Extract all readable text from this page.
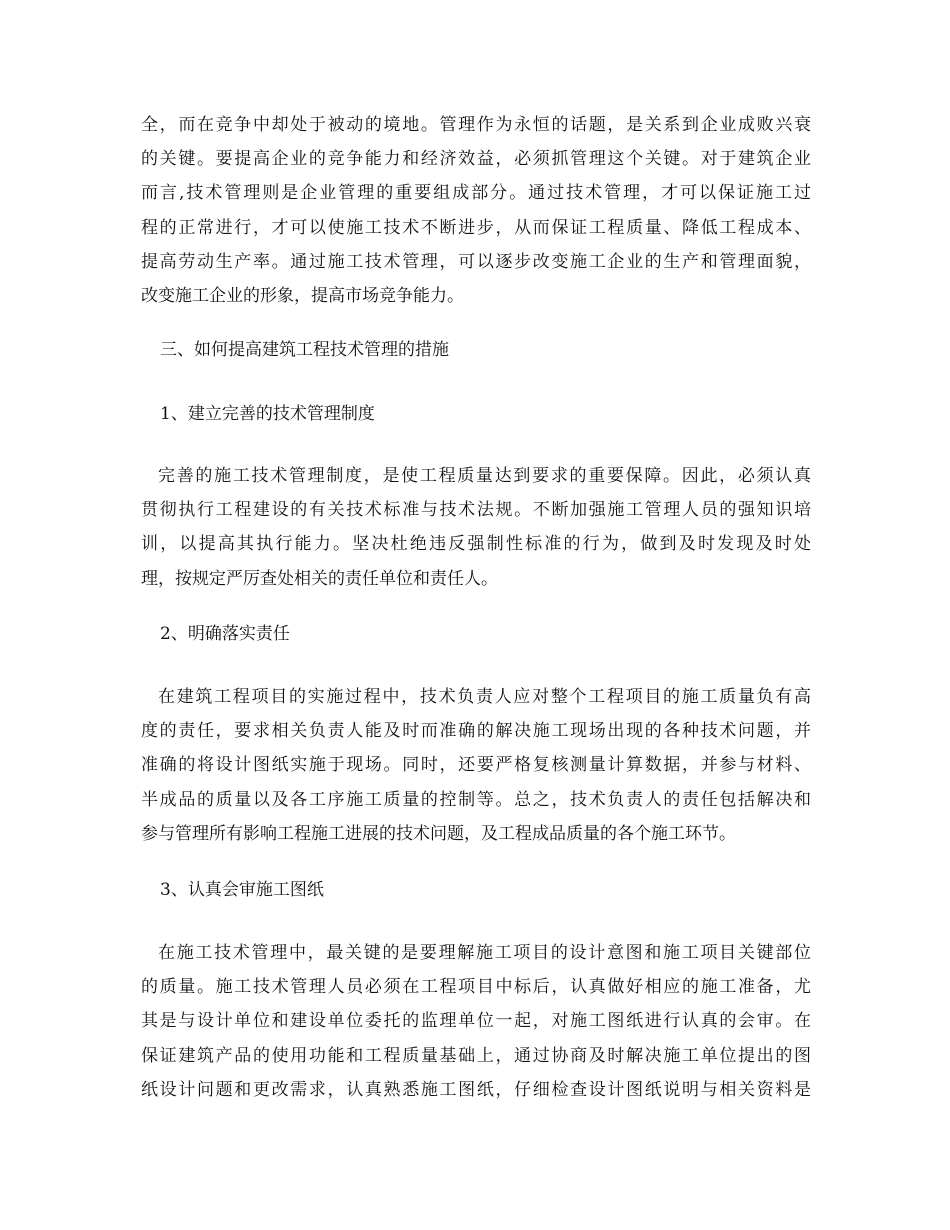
全，而在竞争中却处于被动的境地。管理作为永恒的话题，是关系到企业成败兴衰
的关键。要提高企业的竞争能力和经济效益，必须抓管理这个关键。对于建筑企业
而言,技术管理则是企业管理的重要组成部分。通过技术管理，才可以保证施工过
程的正常进行，才可以使施工技术不断进步，从而保证工程质量、降低工程成本、
提高劳动生产率。通过施工技术管理，可以逐步改变施工企业的生产和管理面貌，
改变施工企业的形象，提高市场竞争能力。
三、如何提高建筑工程技术管理的措施
1、建立完善的技术管理制度
完善的施工技术管理制度，是使工程质量达到要求的重要保障。因此，必须认真
贯彻执行工程建设的有关技术标准与技术法规。不断加强施工管理人员的强知识培
训，以提高其执行能力。坚决杜绝违反强制性标准的行为，做到及时发现及时处
理，按规定严厉查处相关的责任单位和责任人。
2、明确落实责任
在建筑工程项目的实施过程中，技术负责人应对整个工程项目的施工质量负有高
度的责任，要求相关负责人能及时而准确的解决施工现场出现的各种技术问题，并
准确的将设计图纸实施于现场。同时，还要严格复核测量计算数据，并参与材料、
半成品的质量以及各工序施工质量的控制等。总之，技术负责人的责任包括解决和
参与管理所有影响工程施工进展的技术问题，及工程成品质量的各个施工环节。
3、认真会审施工图纸
在施工技术管理中，最关键的是要理解施工项目的设计意图和施工项目关键部位
的质量。施工技术管理人员必须在工程项目中标后，认真做好相应的施工准备，尤
其是与设计单位和建设单位委托的监理单位一起，对施工图纸进行认真的会审。在
保证建筑产品的使用功能和工程质量基础上，通过协商及时解决施工单位提出的图
纸设计问题和更改需求，认真熟悉施工图纸，仔细检查设计图纸说明与相关资料是
